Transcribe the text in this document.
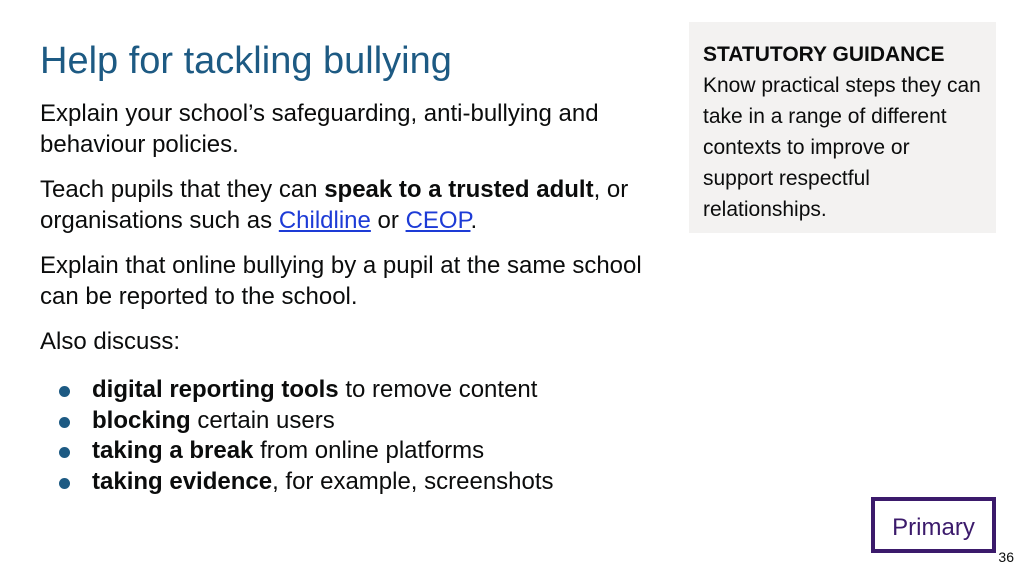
Help for tackling bullying

Explain your school’s safeguarding, anti-bullying and behaviour policies.

Teach pupils that they can speak to a trusted adult, or organisations such as Childline or CEOP.

Explain that online bullying by a pupil at the same school can be reported to the school.

Also discuss:

digital reporting tools to remove content
blocking certain users
taking a break from online platforms
taking evidence, for example, screenshots
STATUTORY GUIDANCE
Know practical steps they can take in a range of different contexts to improve or support respectful relationships.
Primary
36
